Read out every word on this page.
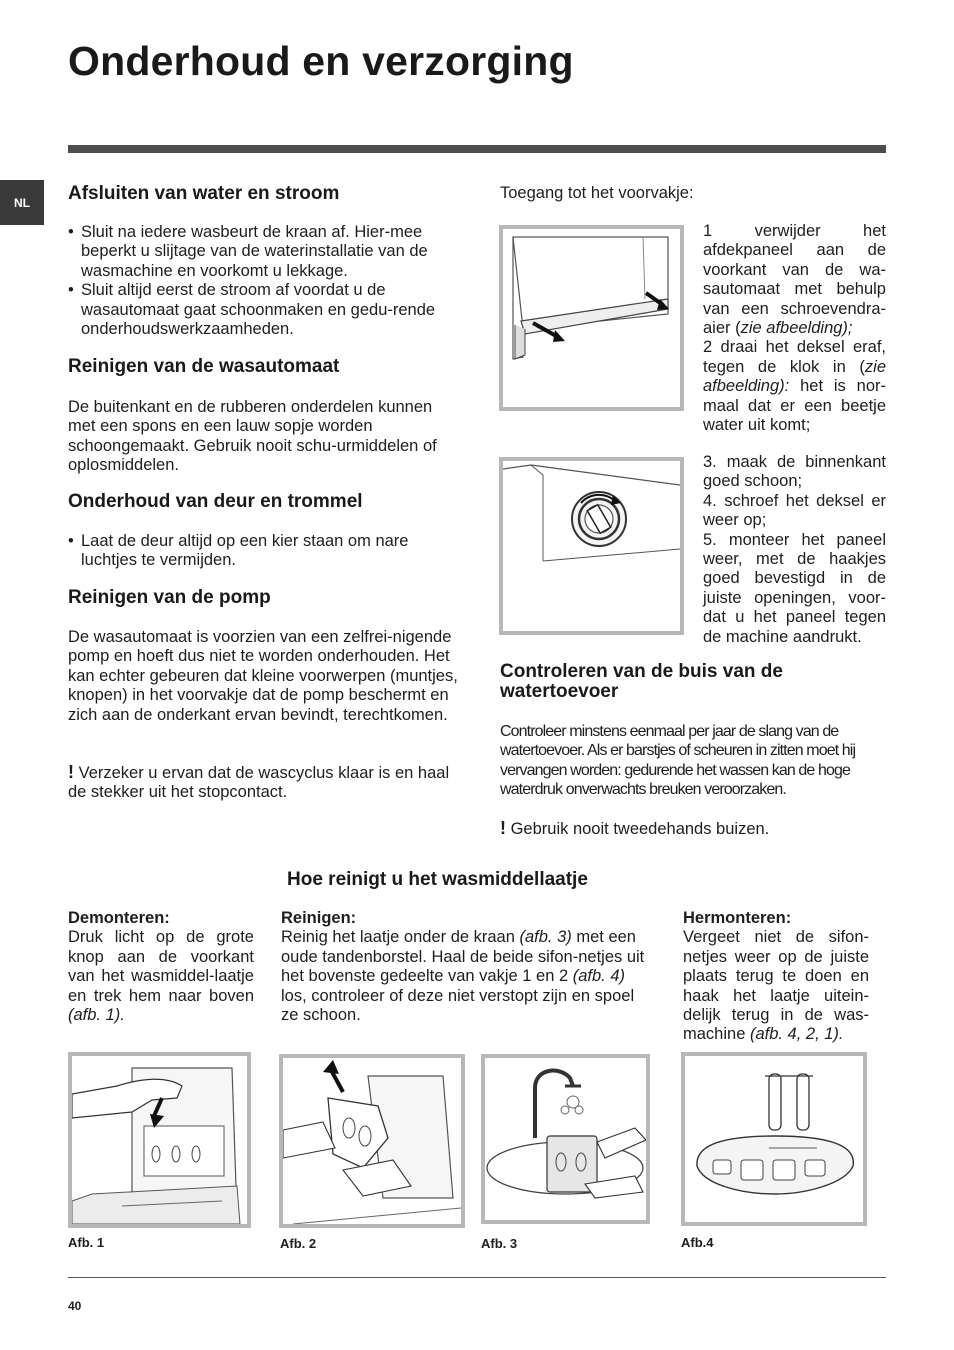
Onderhoud en verzorging
NL	Afsluiten van water en stroom
• Sluit na iedere wasbeurt de kraan af. Hier-mee beperkt u slijtage van de waterinstallatie van de wasmachine en voorkomt u lekkage.
• Sluit altijd eerst de stroom af voordat u de wasautomaat gaat schoonmaken en gedu-rende onderhoudswerkzaamheden.
Reinigen van de wasautomaat

De buitenkant en de rubberen onderdelen kunnen met een spons en een lauw sopje worden schoongemaakt. Gebruik nooit schu-urmiddelen of oplosmiddelen.

Onderhoud van deur en trommel
• Laat de deur altijd op een kier staan om nare luchtjes te vermijden.
Reinigen van de pomp

De wasautomaat is voorzien van een zelfrei-nigende pomp en hoeft dus niet te worden onderhouden. Het kan echter gebeuren dat kleine voorwerpen (muntjes, knopen) in het voorvakje dat de pomp beschermt en zich aan de onderkant ervan bevindt, terechtkomen.

! Verzeker u ervan dat de wascyclus klaar is en haal de stekker uit het stopcontact.

Toegang tot het voorvakje:

1 verwijder het afdekpaneel aan de voorkant van de wa-sautomaat met behulp van een schroevendra-aier (zie afbeelding);
2 draai het deksel eraf, tegen de klok in (zie afbeelding): het is nor-maal dat er een beetje water uit komt;

3. maak de binnenkant goed schoon;
4. schroef het deksel er weer op;
5. monteer het paneel weer, met de haakjes goed bevestigd in de juiste openingen, voor-dat u het paneel tegen de machine aandrukt.

Controleren van de buis van de watertoevoer

Controleer minstens eenmaal per jaar de slang van de watertoevoer. Als er barstjes of scheuren in zitten moet hij vervangen worden: gedurende het wassen kan de hoge waterdruk onverwachts breuken veroorzaken.

! Gebruik nooit tweedehands buizen.

Hoe reinigt u het wasmiddellaatje
Demonteren:
Druk licht op de grote knop aan de voorkant van het wasmiddel-laatje en trek hem naar boven (afb. 1).
Reinigen:
Reinig het laatje onder de kraan (afb. 3) met een oude tandenborstel. Haal de beide sifon-netjes uit het bovenste gedeelte van vakje 1 en 2 (afb. 4) los, controleer of deze niet verstopt zijn en spoel ze schoon.
Hermonteren:
Vergeet niet de sifon-netjes weer op de juiste plaats terug te doen en haak het laatje uitein-delijk terug in de was-machine (afb. 4, 2, 1).
Afb. 1	Afb. 2	Afb. 3	Afb.4
40
